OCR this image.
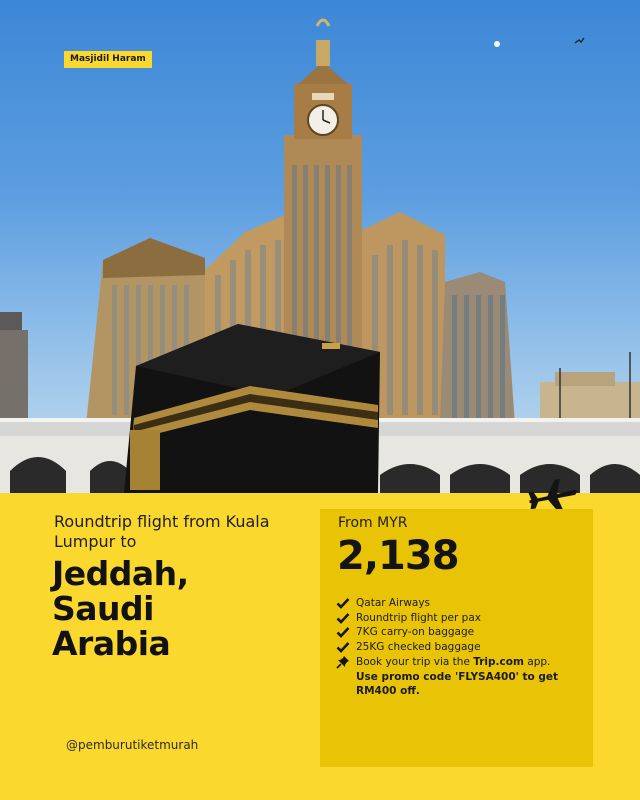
Masjidil Haram
Roundtrip flight from Kuala Lumpur to
Jeddah,
Saudi
Arabia
@pemburutiketmurah
From MYR
2,138
Qatar Airways
Roundtrip flight per pax
7KG carry-on baggage
25KG checked baggage
Book your trip via the Trip.com app.
Use promo code 'FLYSA400' to get RM400 off.
